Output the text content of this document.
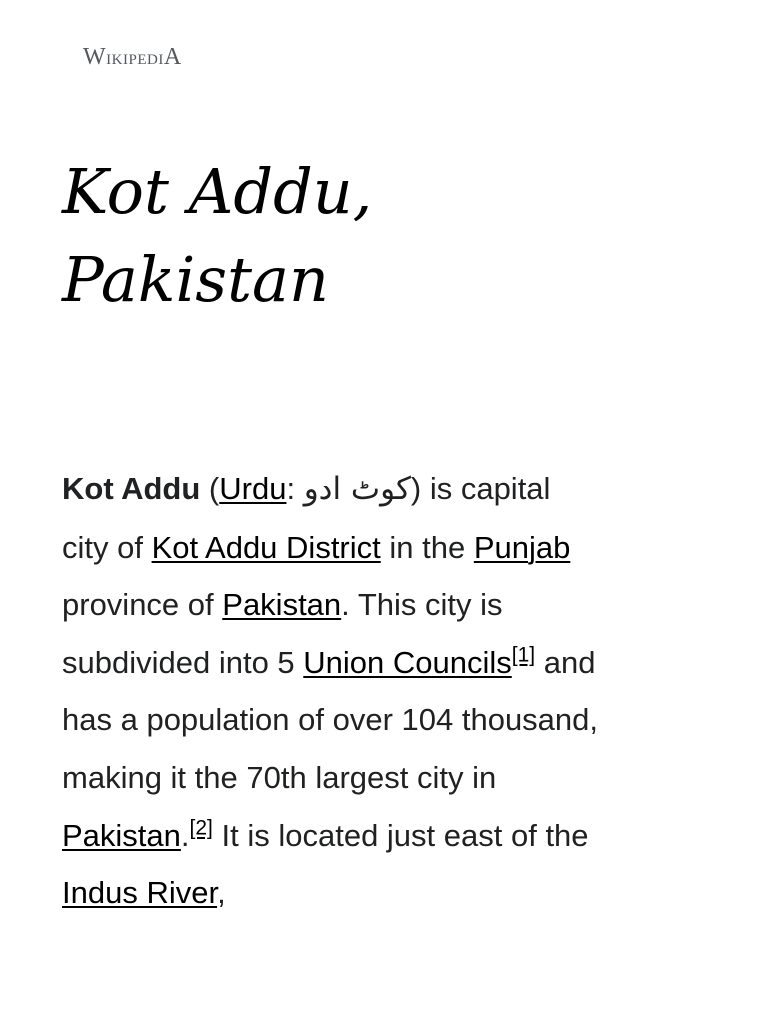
WikipediA
Kot Addu,
Pakistan

Kot Addu (Urdu: کوٹ ادو) is capital city of Kot Addu District in the Punjab province of Pakistan. This city is subdivided into 5 Union Councils[1] and has a population of over 104 thousand, making it the 70th largest city in Pakistan.[2] It is located just east of the Indus River,
